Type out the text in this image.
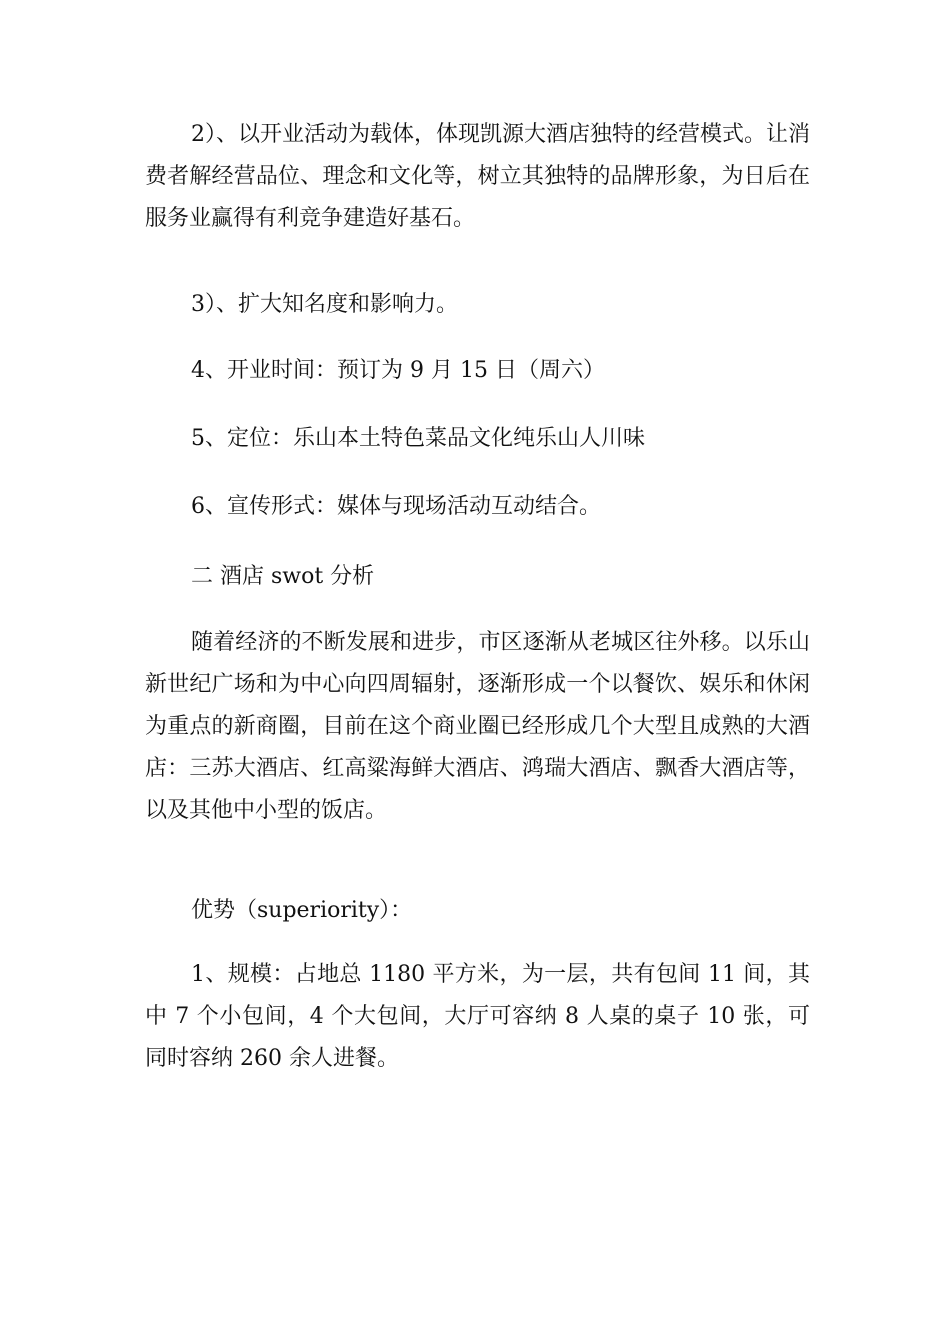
2）、以开业活动为载体，体现凯源大酒店独特的经营模式。让消费者解经营品位、理念和文化等，树立其独特的品牌形象，为日后在服务业赢得有利竞争建造好基石。

3）、扩大知名度和影响力。

4、开业时间：预订为 9 月 15 日（周六）

5、定位：乐山本土特色菜品文化纯乐山人川味

6、宣传形式：媒体与现场活动互动结合。

二 酒店 swot 分析

随着经济的不断发展和进步，市区逐渐从老城区往外移。以乐山新世纪广场和为中心向四周辐射，逐渐形成一个以餐饮、娱乐和休闲为重点的新商圈，目前在这个商业圈已经形成几个大型且成熟的大酒店：三苏大酒店、红高粱海鲜大酒店、鸿瑞大酒店、飘香大酒店等，以及其他中小型的饭店。

优势（superiority）：

1、规模：占地总 1180 平方米，为一层，共有包间 11 间，其中 7 个小包间，4 个大包间，大厅可容纳 8 人桌的桌子 10 张，可同时容纳 260 余人进餐。
